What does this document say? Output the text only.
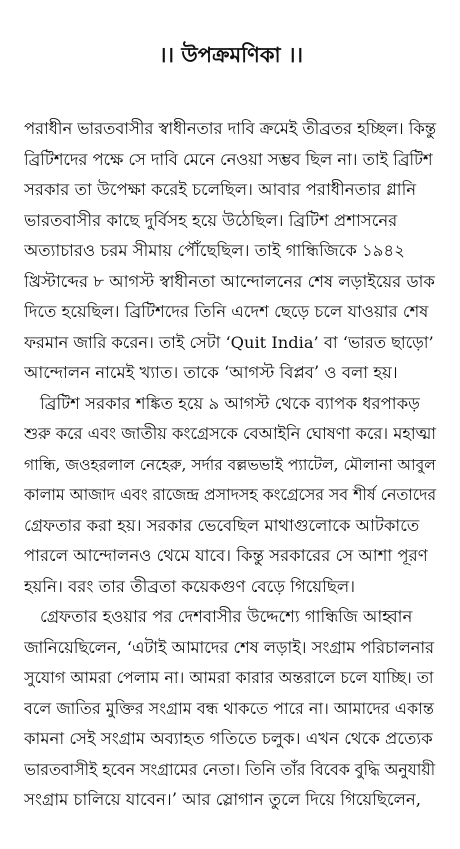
।। উপক্রমণিকা ।।

পরাধীন ভারতবাসীর স্বাধীনতার দাবি ক্রমেই তীব্রতর হচ্ছিল। কিন্তু
ব্রিটিশদের পক্ষে সে দাবি মেনে নেওয়া সম্ভব ছিল না। তাই ব্রিটিশ
সরকার তা উপেক্ষা করেই চলেছিল। আবার পরাধীনতার গ্লানি
ভারতবাসীর কাছে দুর্বিসহ হয়ে উঠেছিল। ব্রিটিশ প্রশাসনের
অত্যাচারও চরম সীমায় পৌঁছেছিল। তাই গান্ধিজিকে ১৯৪২
খ্রিস্টাব্দের ৮ আগস্ট স্বাধীনতা আন্দোলনের শেষ লড়াইয়ের ডাক
দিতে হয়েছিল। ব্রিটিশদের তিনি এদেশ ছেড়ে চলে যাওয়ার শেষ
ফরমান জারি করেন। তাই সেটা ‘Quit India’ বা ‘ভারত ছাড়ো’
আন্দোলন নামেই খ্যাত। তাকে ‘আগস্ট বিপ্লব’ ও বলা হয়।

ব্রিটিশ সরকার শঙ্কিত হয়ে ৯ আগস্ট থেকে ব্যাপক ধরপাকড়
শুরু করে এবং জাতীয় কংগ্রেসকে বেআইনি ঘোষণা করে। মহাত্মা
গান্ধি, জওহরলাল নেহেরু, সর্দার বল্লভভাই প্যাটেল, মৌলানা আবুল
কালাম আজাদ এবং রাজেন্দ্র প্রসাদসহ কংগ্রেসের সব শীর্ষ নেতাদের
গ্রেফতার করা হয়। সরকার ভেবেছিল মাথাগুলোকে আটকাতে
পারলে আন্দোলনও থেমে যাবে। কিন্তু সরকারের সে আশা পূরণ
হয়নি। বরং তার তীব্রতা কয়েকগুণ বেড়ে গিয়েছিল।

গ্রেফতার হওয়ার পর দেশবাসীর উদ্দেশ্যে গান্ধিজি আহ্বান
জানিয়েছিলেন, ‘এটাই আমাদের শেষ লড়াই। সংগ্রাম পরিচালনার
সুযোগ আমরা পেলাম না। আমরা কারার অন্তরালে চলে যাচ্ছি। তা
বলে জাতির মুক্তির সংগ্রাম বন্ধ থাকতে পারে না। আমাদের একান্ত
কামনা সেই সংগ্রাম অব্যাহত গতিতে চলুক। এখন থেকে প্রত্যেক
ভারতবাসীই হবেন সংগ্রামের নেতা। তিনি তাঁর বিবেক বুদ্ধি অনুযায়ী
সংগ্রাম চালিয়ে যাবেন।’ আর স্লোগান তুলে দিয়ে গিয়েছিলেন,
